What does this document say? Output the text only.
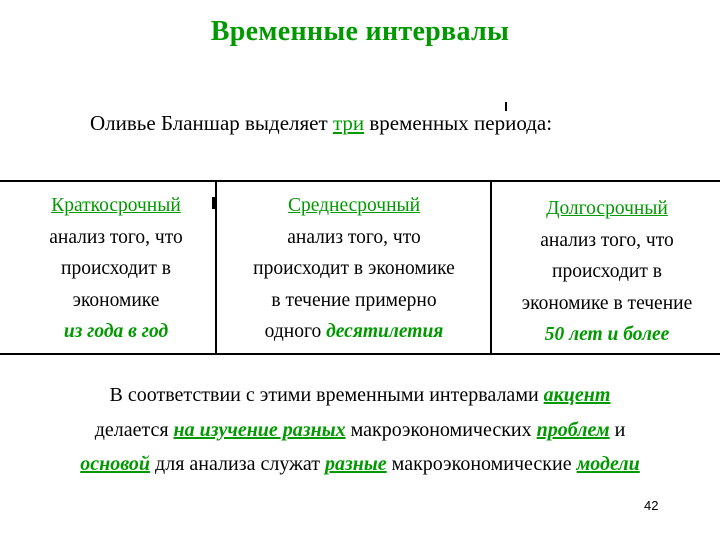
Временные интервалы
Оливье Бланшар выделяет три временных периода:
Краткосрочный
анализ того, что
происходит в
экономике
из года в год
Среднесрочный
анализ того, что
происходит в экономике
в течение примерно
одного десятилетия
Долгосрочный
анализ того, что
происходит в
экономике в течение
50 лет и более
В соответствии с этими временными интервалами акцент
делается на изучение разных макроэкономических проблем и
основой для анализа служат разные макроэкономические модели
42
